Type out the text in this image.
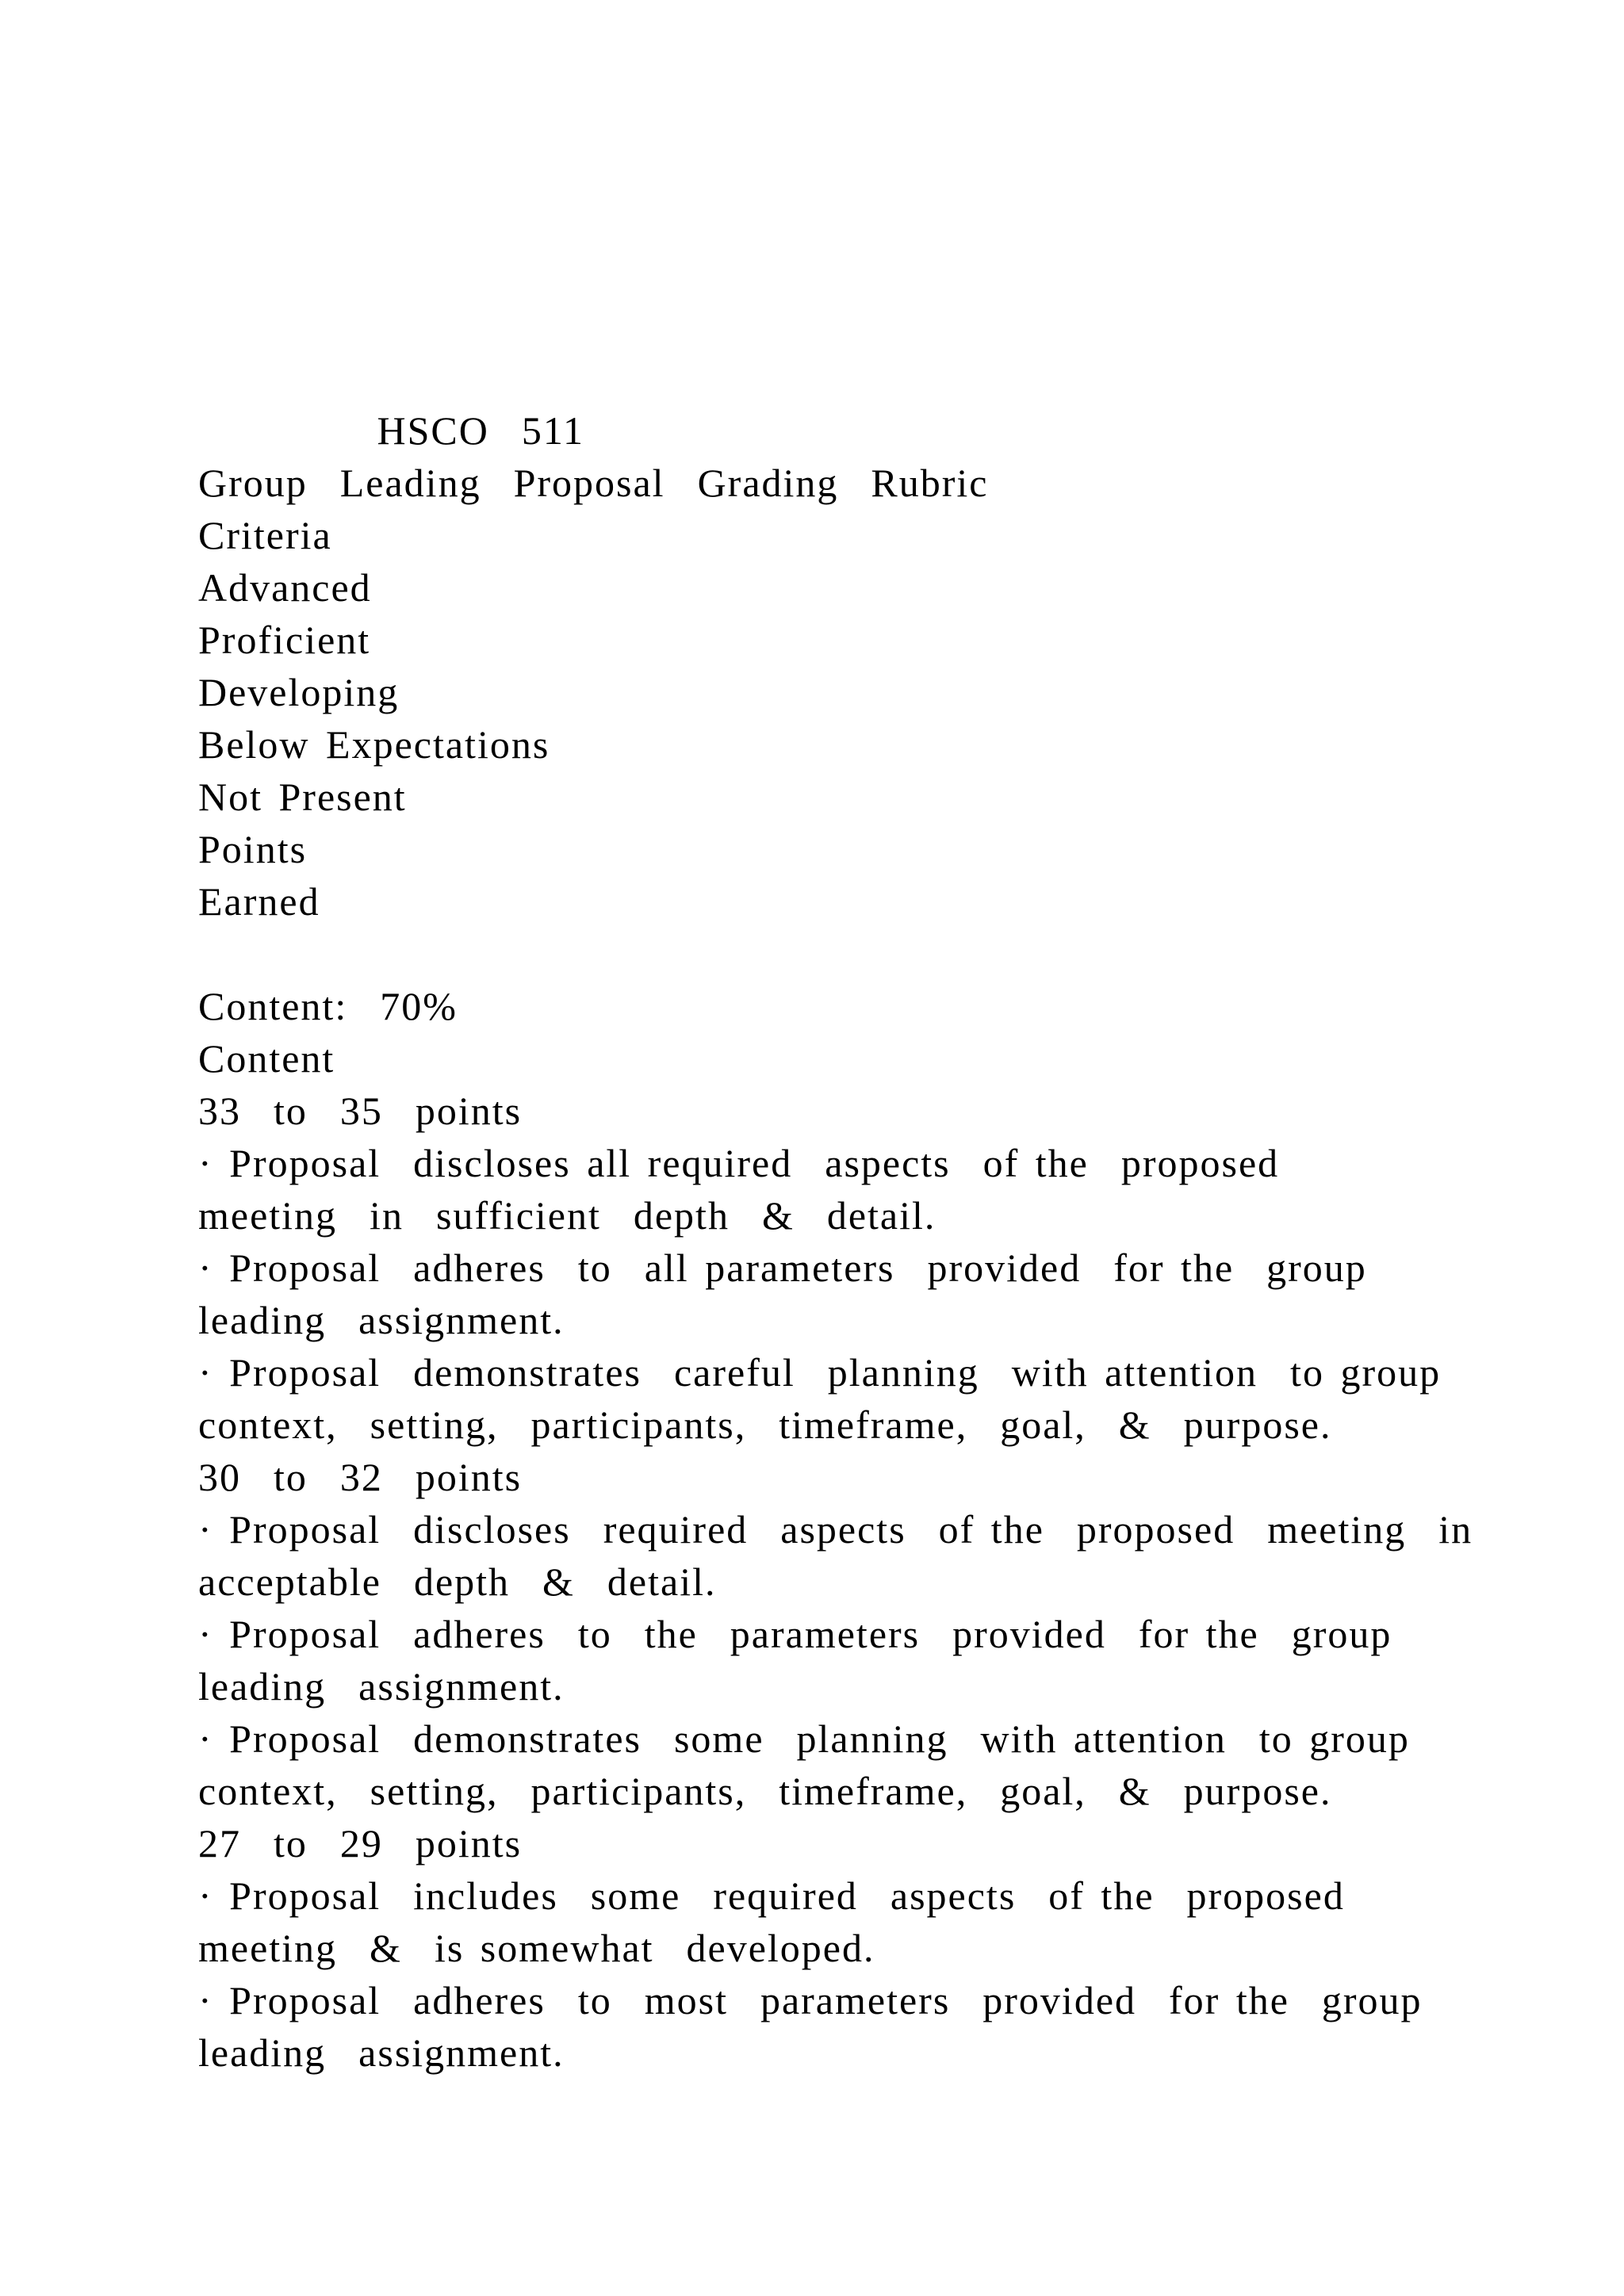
HSCO  511
Group  Leading  Proposal  Grading  Rubric
Criteria
Advanced
Proficient
Developing
Below Expectations
Not Present
Points
Earned
Content:  70%
Content
33  to  35  points
· Proposal  discloses all required  aspects  of the  proposed
meeting  in  sufficient  depth  &  detail.
· Proposal  adheres  to  all parameters  provided  for the  group
leading  assignment.
· Proposal  demonstrates  careful  planning  with attention  to group
context,  setting,  participants,  timeframe,  goal,  &  purpose.
30  to  32  points
· Proposal  discloses  required  aspects  of the  proposed  meeting  in
acceptable  depth  &  detail.
· Proposal  adheres  to  the  parameters  provided  for the  group
leading  assignment.
· Proposal  demonstrates  some  planning  with attention  to group
context,  setting,  participants,  timeframe,  goal,  &  purpose.
27  to  29  points
· Proposal  includes  some  required  aspects  of the  proposed
meeting  &  is somewhat  developed.
· Proposal  adheres  to  most  parameters  provided  for the  group
leading  assignment.
